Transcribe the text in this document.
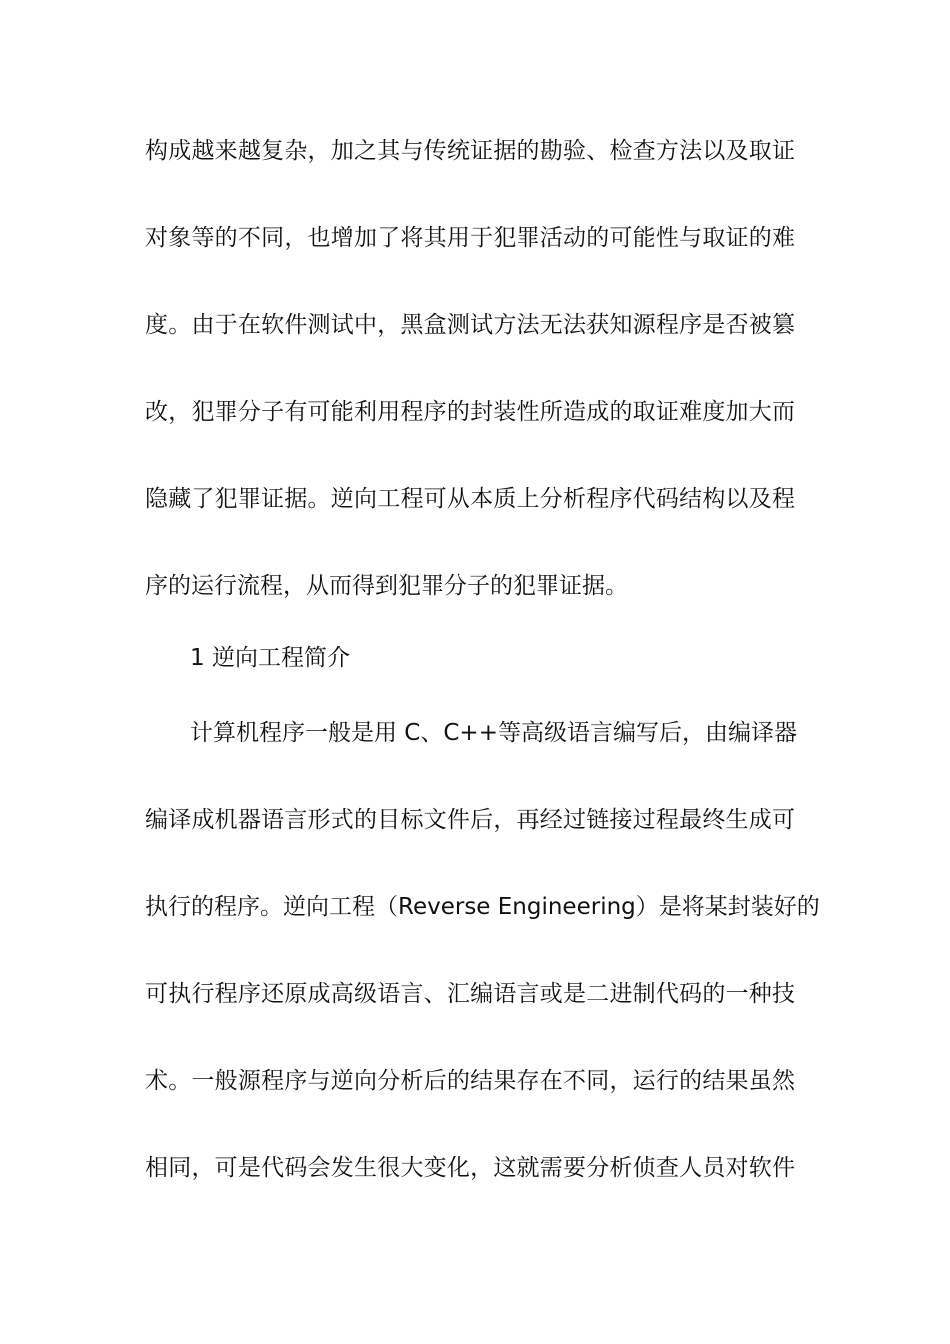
构成越来越复杂，加之其与传统证据的勘验、检查方法以及取证
对象等的不同，也增加了将其用于犯罪活动的可能性与取证的难
度。由于在软件测试中，黑盒测试方法无法获知源程序是否被篡
改，犯罪分子有可能利用程序的封装性所造成的取证难度加大而
隐藏了犯罪证据。逆向工程可从本质上分析程序代码结构以及程
序的运行流程，从而得到犯罪分子的犯罪证据。
1 逆向工程简介
计算机程序一般是用 C、C++等高级语言编写后，由编译器
编译成机器语言形式的目标文件后，再经过链接过程最终生成可
执行的程序。逆向工程（Reverse Engineering）是将某封装好的
可执行程序还原成高级语言、汇编语言或是二进制代码的一种技
术。一般源程序与逆向分析后的结果存在不同，运行的结果虽然
相同，可是代码会发生很大变化，这就需要分析侦查人员对软件
